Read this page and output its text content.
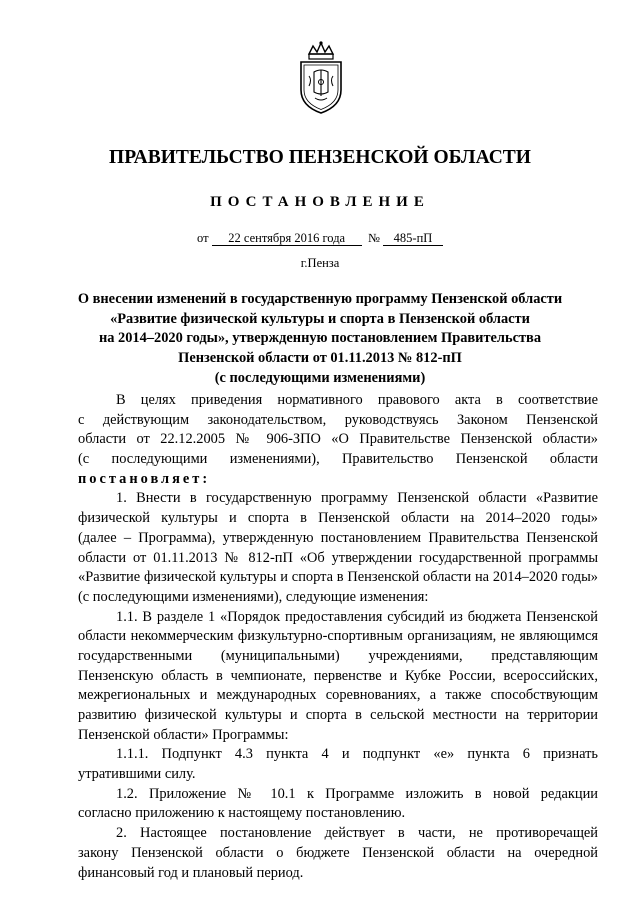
ПРАВИТЕЛЬСТВО ПЕНЗЕНСКОЙ ОБЛАСТИ
ПОСТАНОВЛЕНИЕ
от 22 сентября 2016 года № 485-пП
г.Пенза
О внесении изменений в государственную программу Пензенской области
«Развитие физической культуры и спорта в Пензенской области
на 2014–2020 годы», утвержденную постановлением Правительства
Пензенской области от 01.11.2013 № 812-пП
(с последующими изменениями)
В целях приведения нормативного правового акта в соответствие
с действующим законодательством, руководствуясь Законом Пензенской
области от 22.12.2005 № 906-ЗПО «О Правительстве Пензенской области»
(с последующими изменениями), Правительство Пензенской области
постановляет:
1. Внести в государственную программу Пензенской области «Развитие
физической культуры и спорта в Пензенской области на 2014–2020 годы»
(далее – Программа), утвержденную постановлением Правительства Пензенской
области от 01.11.2013 № 812-пП «Об утверждении государственной программы
«Развитие физической культуры и спорта в Пензенской области на 2014–2020 годы»
(с последующими изменениями), следующие изменения:
1.1. В разделе 1 «Порядок предоставления субсидий из бюджета Пензенской
области некоммерческим физкультурно-спортивным организациям, не являющимся
государственными (муниципальными) учреждениями, представляющим
Пензенскую область в чемпионате, первенстве и Кубке России, всероссийских,
межрегиональных и международных соревнованиях, а также способствующим
развитию физической культуры и спорта в сельской местности на территории
Пензенской области» Программы:
1.1.1. Подпункт 4.3 пункта 4 и подпункт «е» пункта 6 признать
утратившими силу.
1.2. Приложение № 10.1 к Программе изложить в новой редакции
согласно приложению к настоящему постановлению.
2. Настоящее постановление действует в части, не противоречащей
закону Пензенской области о бюджете Пензенской области на очередной
финансовый год и плановый период.
